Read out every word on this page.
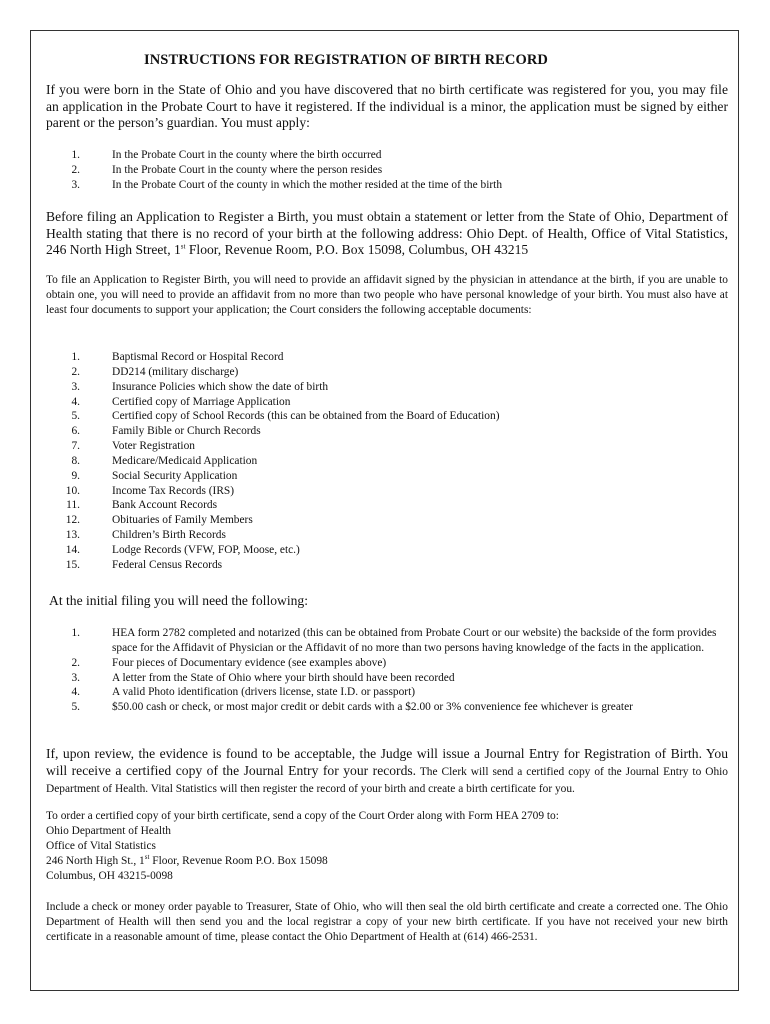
INSTRUCTIONS FOR REGISTRATION OF BIRTH RECORD
If you were born in the State of Ohio and you have discovered that no birth certificate was registered for you, you may file an application in the Probate Court to have it registered. If the individual is a minor, the application must be signed by either parent or the person’s guardian. You must apply:
1.	In the Probate Court in the county where the birth occurred
2.	In the Probate Court in the county where the person resides
3.	In the Probate Court of the county in which the mother resided at the time of the birth
Before filing an Application to Register a Birth, you must obtain a statement or letter from the State of Ohio, Department of Health stating that there is no record of your birth at the following address: Ohio Dept. of Health, Office of Vital Statistics, 246 North High Street, 1st Floor, Revenue Room, P.O. Box 15098, Columbus, OH 43215
To file an Application to Register Birth, you will need to provide an affidavit signed by the physician in attendance at the birth, if you are unable to obtain one, you will need to provide an affidavit from no more than two people who have personal knowledge of your birth. You must also have at least four documents to support your application; the Court considers the following acceptable documents:
1.	Baptismal Record or Hospital Record
2.	DD214 (military discharge)
3.	Insurance Policies which show the date of birth
4.	Certified copy of Marriage Application
5.	Certified copy of School Records (this can be obtained from the Board of Education)
6.	Family Bible or Church Records
7.	Voter Registration
8.	Medicare/Medicaid Application
9.	Social Security Application
10.	Income Tax Records (IRS)
11.	Bank Account Records
12.	Obituaries of Family Members
13.	Children’s Birth Records
14.	Lodge Records (VFW, FOP, Moose, etc.)
15.	Federal Census Records
At the initial filing you will need the following:
1.	HEA form 2782 completed and notarized (this can be obtained from Probate Court or our website) the backside of the form provides space for the Affidavit of Physician or the Affidavit of no more than two persons having knowledge of the facts in the application.
2.	Four pieces of Documentary evidence (see examples above)
3.	A letter from the State of Ohio where your birth should have been recorded
4.	A valid Photo identification (drivers license, state I.D. or passport)
5.	$50.00 cash or check, or most major credit or debit cards with a $2.00 or 3% convenience fee whichever is greater
If, upon review, the evidence is found to be acceptable, the Judge will issue a Journal Entry for Registration of Birth. You will receive a certified copy of the Journal Entry for your records. The Clerk will send a certified copy of the Journal Entry to Ohio Department of Health. Vital Statistics will then register the record of your birth and create a birth certificate for you.
To order a certified copy of your birth certificate, send a copy of the Court Order along with Form HEA 2709 to:
Ohio Department of Health
Office of Vital Statistics
246 North High St., 1st Floor, Revenue Room P.O. Box 15098
Columbus, OH 43215-0098
Include a check or money order payable to Treasurer, State of Ohio, who will then seal the old birth certificate and create a corrected one. The Ohio Department of Health will then send you and the local registrar a copy of your new birth certificate. If you have not received your new birth certificate in a reasonable amount of time, please contact the Ohio Department of Health at (614) 466-2531.
